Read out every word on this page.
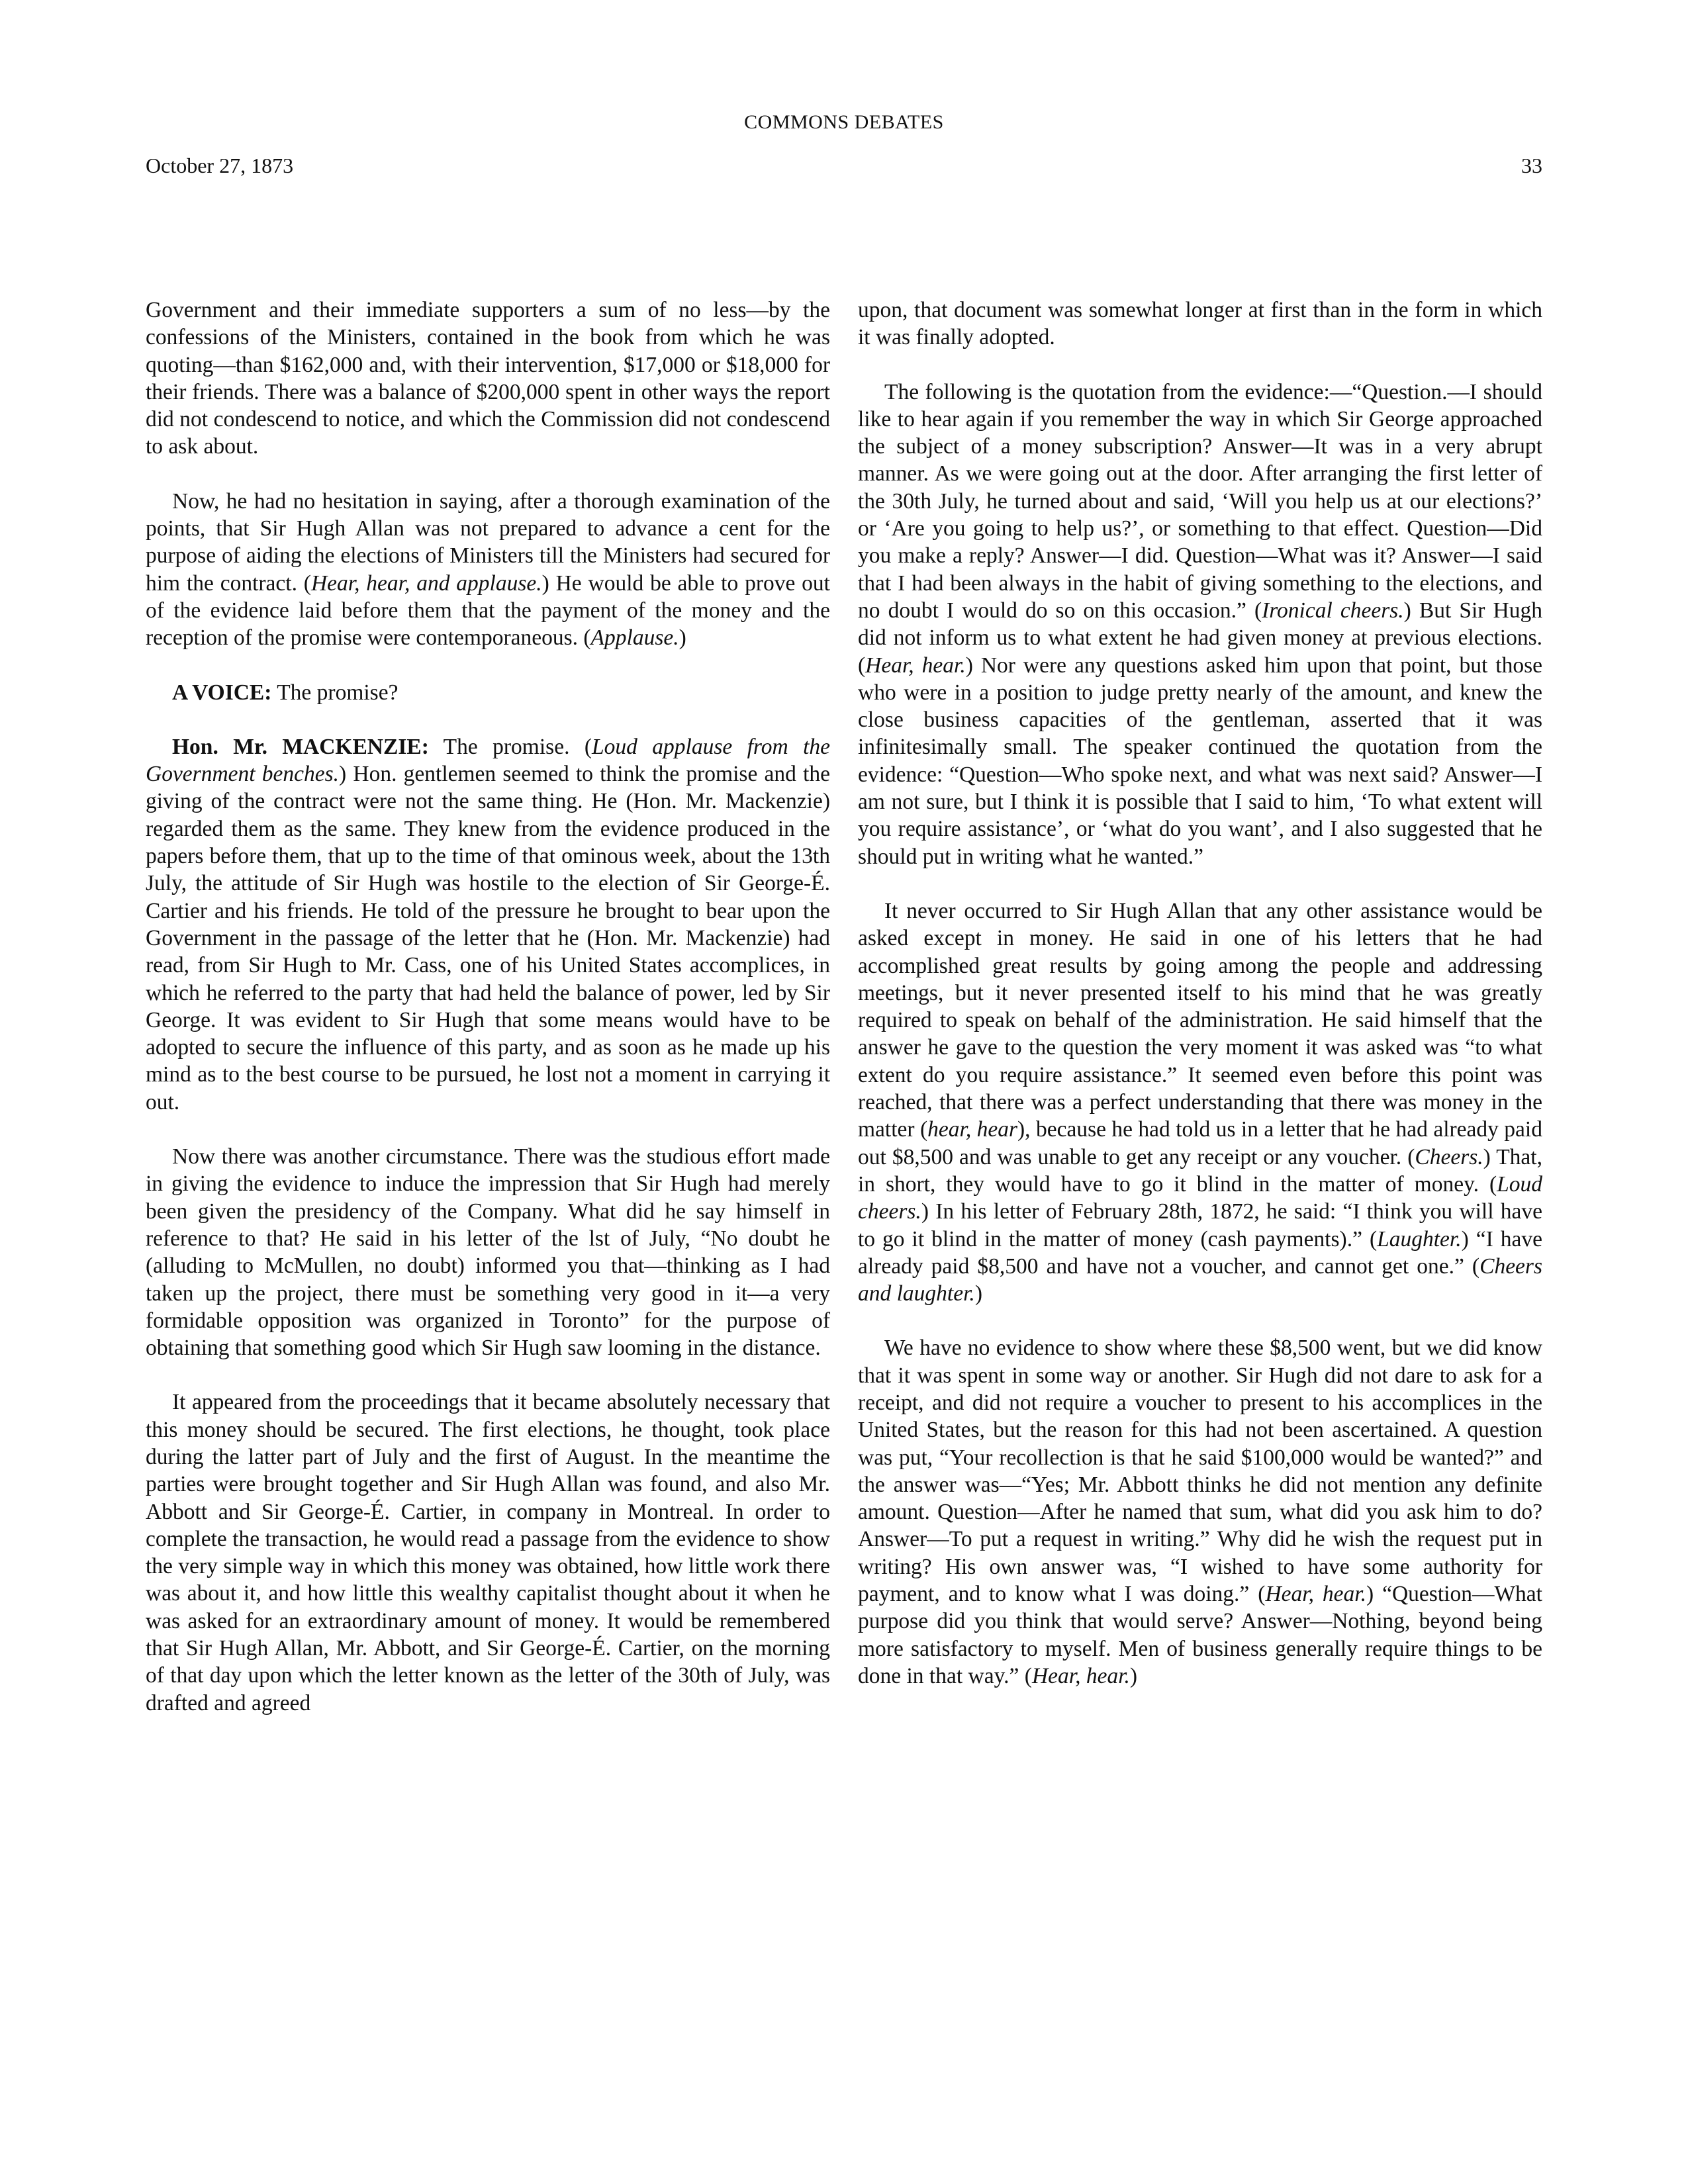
COMMONS DEBATES
October 27, 1873	33

Government and their immediate supporters a sum of no less—by the confessions of the Ministers, contained in the book from which he was quoting—than $162,000 and, with their intervention, $17,000 or $18,000 for their friends. There was a balance of $200,000 spent in other ways the report did not condescend to notice, and which the Commission did not condescend to ask about.

Now, he had no hesitation in saying, after a thorough examination of the points, that Sir Hugh Allan was not prepared to advance a cent for the purpose of aiding the elections of Ministers till the Ministers had secured for him the contract. (Hear, hear, and applause.) He would be able to prove out of the evidence laid before them that the payment of the money and the reception of the promise were contemporaneous. (Applause.)

A VOICE: The promise?

Hon. Mr. MACKENZIE: The promise. (Loud applause from the Government benches.) Hon. gentlemen seemed to think the promise and the giving of the contract were not the same thing. He (Hon. Mr. Mackenzie) regarded them as the same. They knew from the evidence produced in the papers before them, that up to the time of that ominous week, about the 13th July, the attitude of Sir Hugh was hostile to the election of Sir George-É. Cartier and his friends. He told of the pressure he brought to bear upon the Government in the passage of the letter that he (Hon. Mr. Mackenzie) had read, from Sir Hugh to Mr. Cass, one of his United States accomplices, in which he referred to the party that had held the balance of power, led by Sir George. It was evident to Sir Hugh that some means would have to be adopted to secure the influence of this party, and as soon as he made up his mind as to the best course to be pursued, he lost not a moment in carrying it out.

Now there was another circumstance. There was the studious effort made in giving the evidence to induce the impression that Sir Hugh had merely been given the presidency of the Company. What did he say himself in reference to that? He said in his letter of the lst of July, “No doubt he (alluding to McMullen, no doubt) informed you that—thinking as I had taken up the project, there must be something very good in it—a very formidable opposition was organized in Toronto” for the purpose of obtaining that something good which Sir Hugh saw looming in the distance.

It appeared from the proceedings that it became absolutely necessary that this money should be secured. The first elections, he thought, took place during the latter part of July and the first of August. In the meantime the parties were brought together and Sir Hugh Allan was found, and also Mr. Abbott and Sir George-É. Cartier, in company in Montreal. In order to complete the transaction, he would read a passage from the evidence to show the very simple way in which this money was obtained, how little work there was about it, and how little this wealthy capitalist thought about it when he was asked for an extraordinary amount of money. It would be remembered that Sir Hugh Allan, Mr. Abbott, and Sir George-É. Cartier, on the morning of that day upon which the letter known as the letter of the 30th of July, was drafted and agreed

upon, that document was somewhat longer at first than in the form in which it was finally adopted.

The following is the quotation from the evidence:—“Question.—I should like to hear again if you remember the way in which Sir George approached the subject of a money subscription? Answer—It was in a very abrupt manner. As we were going out at the door. After arranging the first letter of the 30th July, he turned about and said, ‘Will you help us at our elections?’ or ‘Are you going to help us?’, or something to that effect. Question—Did you make a reply? Answer—I did. Question—What was it? Answer—I said that I had been always in the habit of giving something to the elections, and no doubt I would do so on this occasion.” (Ironical cheers.) But Sir Hugh did not inform us to what extent he had given money at previous elections. (Hear, hear.) Nor were any questions asked him upon that point, but those who were in a position to judge pretty nearly of the amount, and knew the close business capacities of the gentleman, asserted that it was infinitesimally small. The speaker continued the quotation from the evidence: “Question—Who spoke next, and what was next said? Answer—I am not sure, but I think it is possible that I said to him, ‘To what extent will you require assistance’, or ‘what do you want’, and I also suggested that he should put in writing what he wanted.”

It never occurred to Sir Hugh Allan that any other assistance would be asked except in money. He said in one of his letters that he had accomplished great results by going among the people and addressing meetings, but it never presented itself to his mind that he was greatly required to speak on behalf of the administration. He said himself that the answer he gave to the question the very moment it was asked was “to what extent do you require assistance.” It seemed even before this point was reached, that there was a perfect understanding that there was money in the matter (hear, hear), because he had told us in a letter that he had already paid out $8,500 and was unable to get any receipt or any voucher. (Cheers.) That, in short, they would have to go it blind in the matter of money. (Loud cheers.) In his letter of February 28th, 1872, he said: “I think you will have to go it blind in the matter of money (cash payments).” (Laughter.) “I have already paid $8,500 and have not a voucher, and cannot get one.” (Cheers and laughter.)

We have no evidence to show where these $8,500 went, but we did know that it was spent in some way or another. Sir Hugh did not dare to ask for a receipt, and did not require a voucher to present to his accomplices in the United States, but the reason for this had not been ascertained. A question was put, “Your recollection is that he said $100,000 would be wanted?” and the answer was—“Yes; Mr. Abbott thinks he did not mention any definite amount. Question—After he named that sum, what did you ask him to do? Answer—To put a request in writing.” Why did he wish the request put in writing? His own answer was, “I wished to have some authority for payment, and to know what I was doing.” (Hear, hear.) “Question—What purpose did you think that would serve? Answer—Nothing, beyond being more satisfactory to myself. Men of business generally require things to be done in that way.” (Hear, hear.)
